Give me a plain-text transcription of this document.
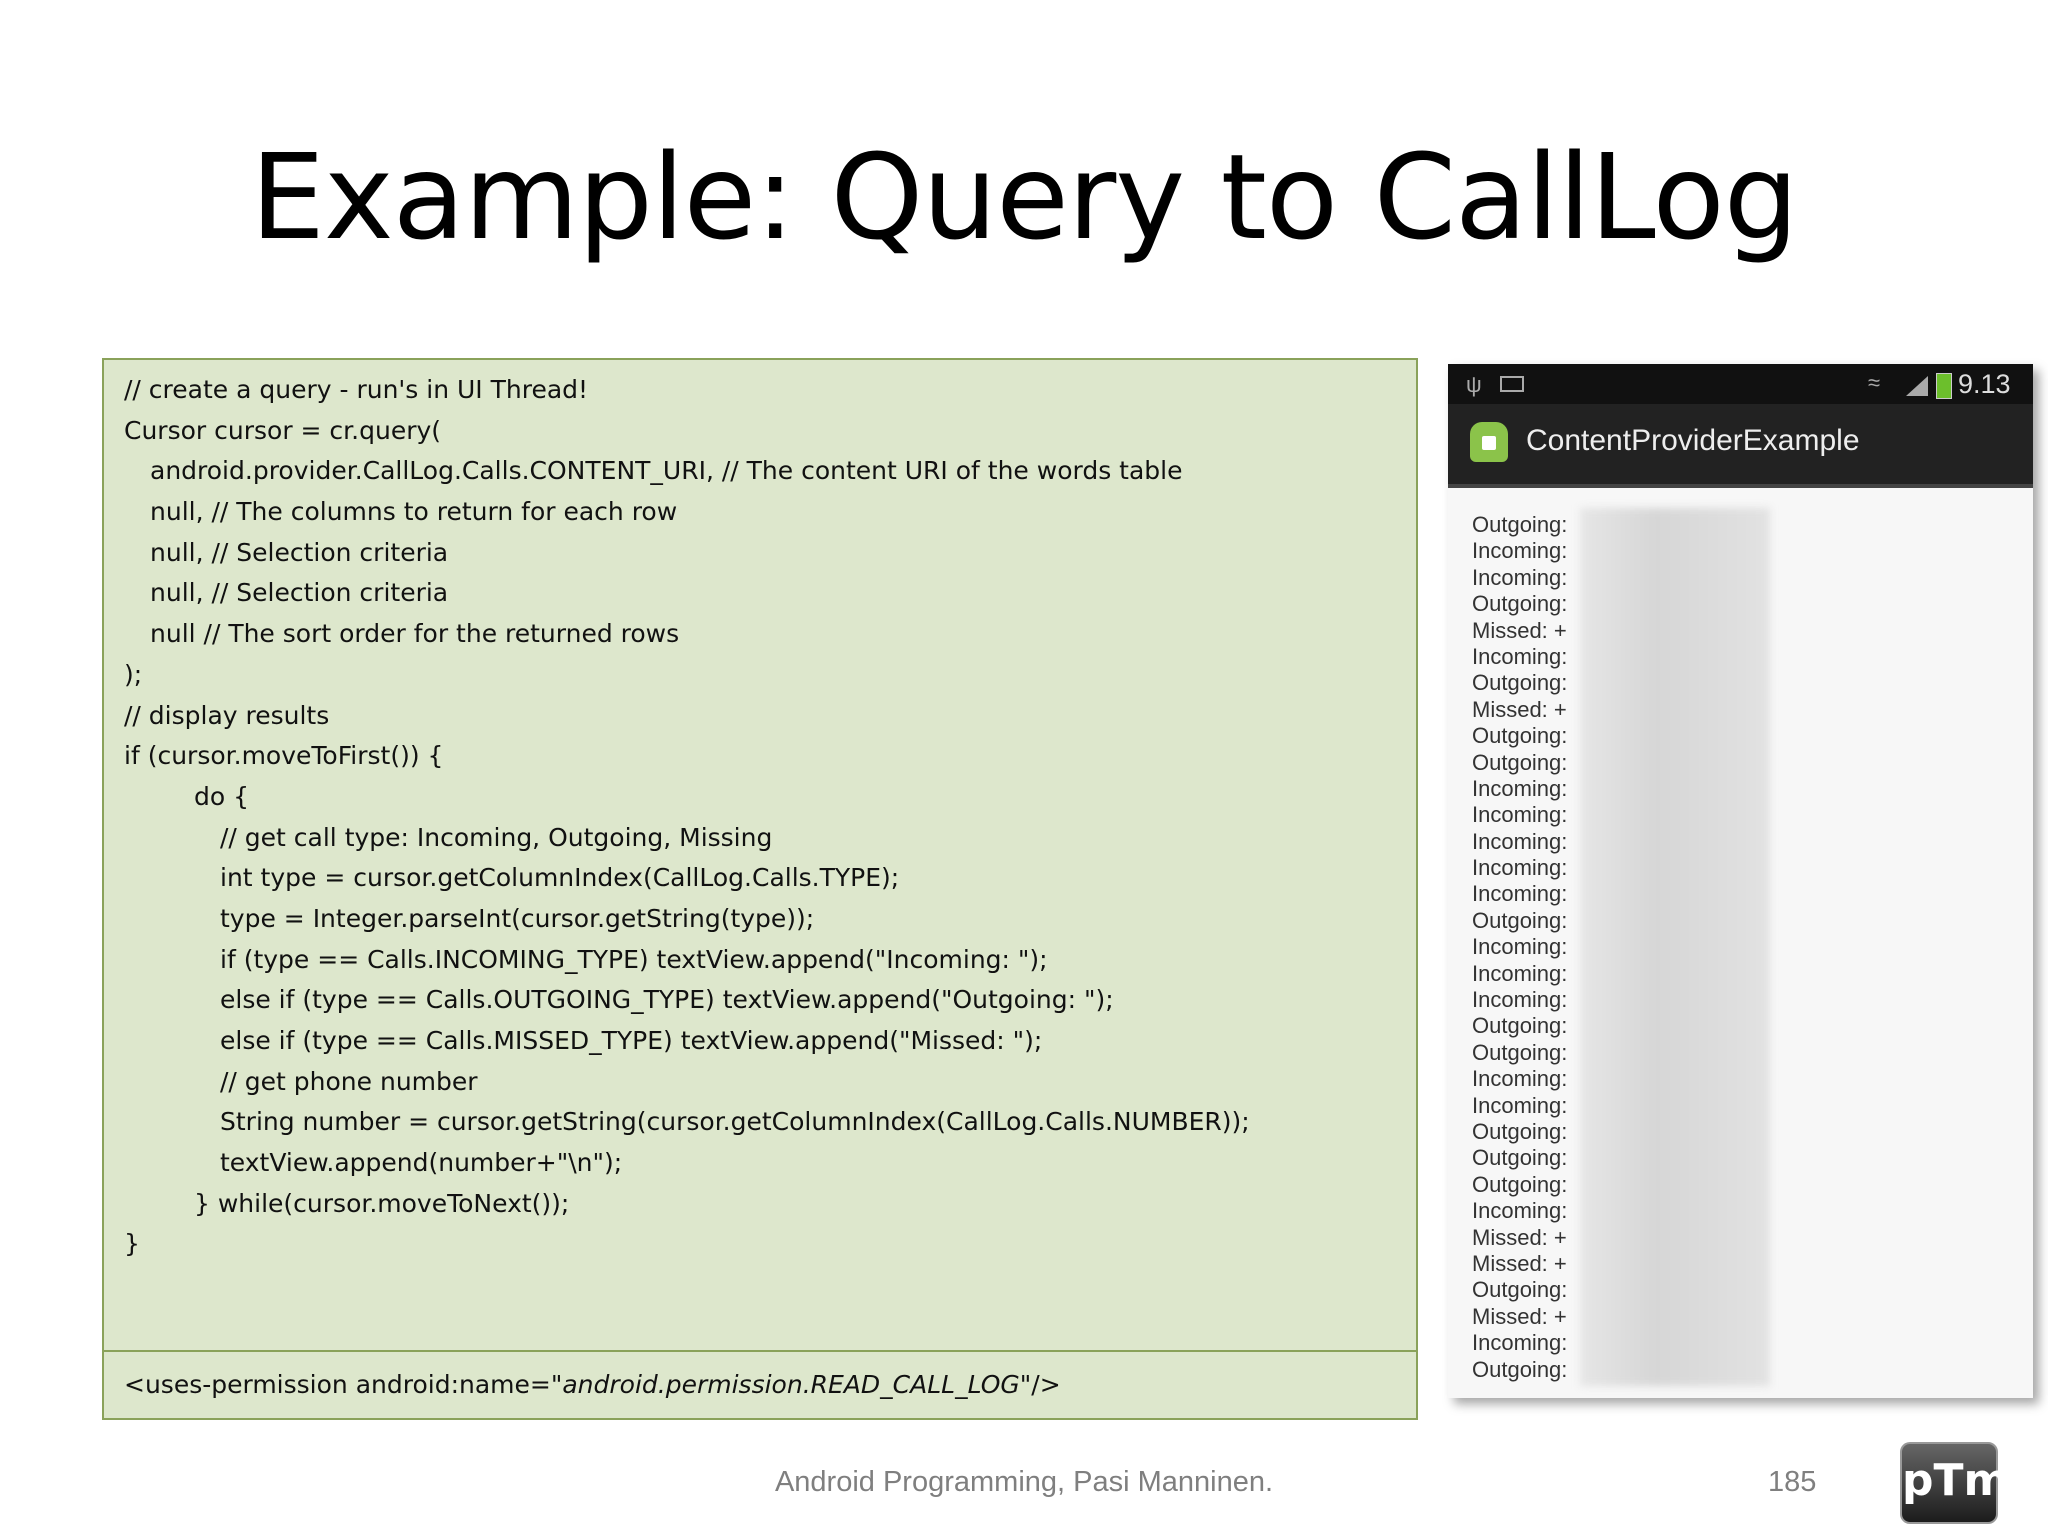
Example: Query to CallLog
// create a query - run's in UI Thread!
Cursor cursor = cr.query(
android.provider.CallLog.Calls.CONTENT_URI, // The content URI of the words table
null, // The columns to return for each row
null, // Selection criteria
null, // Selection criteria
null // The sort order for the returned rows
);
// display results
if (cursor.moveToFirst()) {
do {
// get call type: Incoming, Outgoing, Missing
int type = cursor.getColumnIndex(CallLog.Calls.TYPE);
type = Integer.parseInt(cursor.getString(type));
if (type == Calls.INCOMING_TYPE) textView.append("Incoming: ");
else if (type == Calls.OUTGOING_TYPE) textView.append("Outgoing: ");
else if (type == Calls.MISSED_TYPE) textView.append("Missed: ");
// get phone number
String number = cursor.getString(cursor.getColumnIndex(CallLog.Calls.NUMBER));
textView.append(number+"\n");
} while(cursor.moveToNext());
}
<uses-permission android:name="android.permission.READ_CALL_LOG"/>
ψ	≈	9.13
ContentProviderExample
Outgoing:
Incoming:
Incoming:
Outgoing:
Missed: +
Incoming:
Outgoing:
Missed: +
Outgoing:
Outgoing:
Incoming:
Incoming:
Incoming:
Incoming:
Incoming:
Outgoing:
Incoming:
Incoming:
Incoming:
Outgoing:
Outgoing:
Incoming:
Incoming:
Outgoing:
Outgoing:
Outgoing:
Incoming:
Missed: +
Missed: +
Outgoing:
Missed: +
Incoming:
Outgoing:
Android Programming, Pasi Manninen.	185 pTm
